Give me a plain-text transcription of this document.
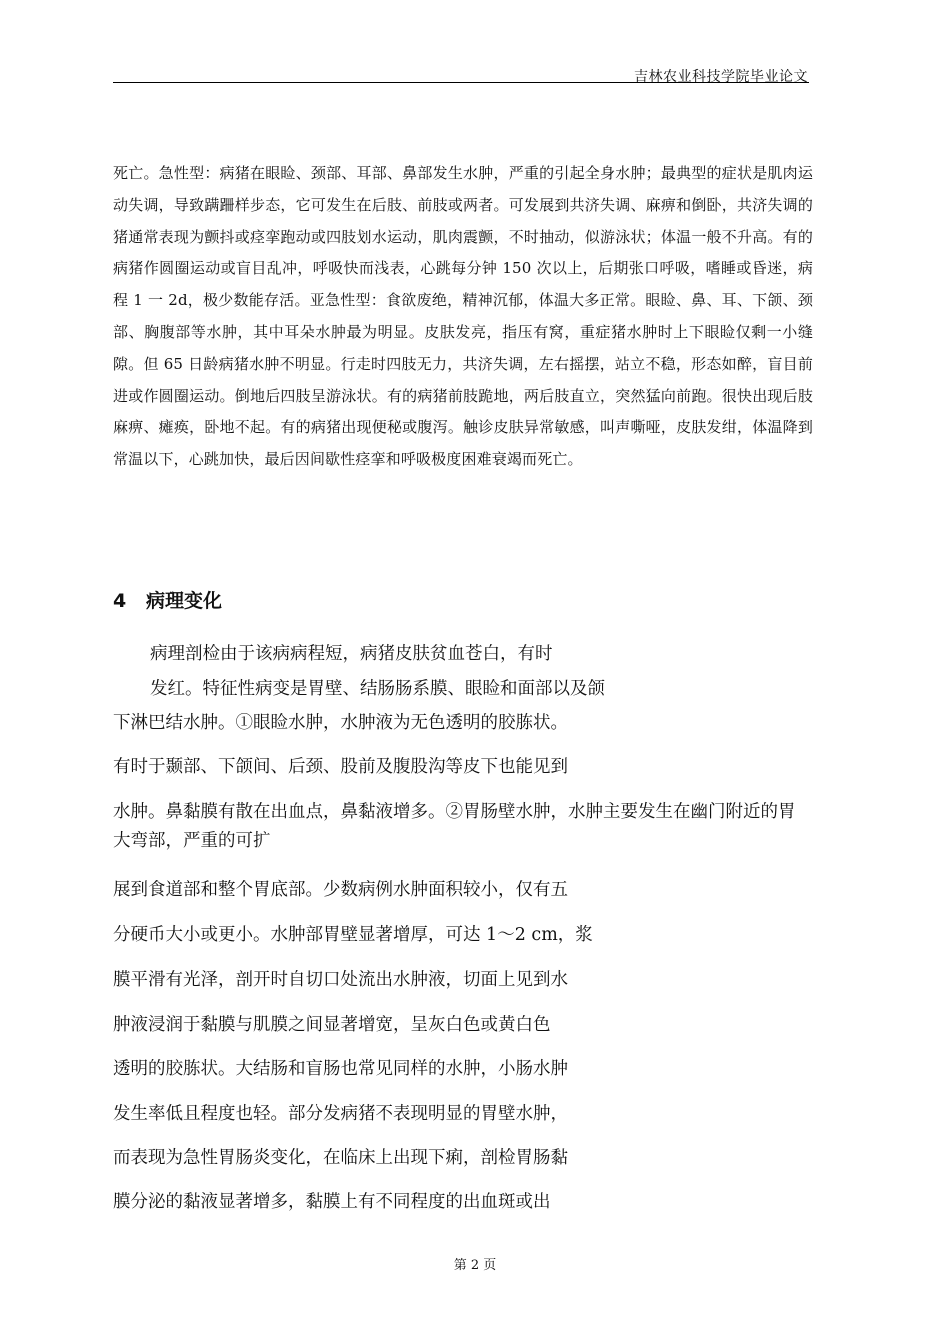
吉林农业科技学院毕业论文

死亡。急性型：病猪在眼睑、颈部、耳部、鼻部发生水肿，严重的引起全身水肿；最典型的症状是肌肉运动失调，导致蹒跚样步态，它可发生在后肢、前肢或两者。可发展到共济失调、麻痹和倒卧，共济失调的猪通常表现为颤抖或痉挛跑动或四肢划水运动，肌肉震颤，不时抽动，似游泳状；体温一般不升高。有的病猪作圆圈运动或盲目乱冲，呼吸快而浅表，心跳每分钟 150 次以上，后期张口呼吸，嗜睡或昏迷，病程 1 一 2d，极少数能存活。亚急性型：食欲废绝，精神沉郁，体温大多正常。眼睑、鼻、耳、下颌、颈部、胸腹部等水肿，其中耳朵水肿最为明显。皮肤发亮，指压有窝，重症猪水肿时上下眼睑仅剩一小缝隙。但 65 日龄病猪水肿不明显。行走时四肢无力，共济失调，左右摇摆，站立不稳，形态如醉，盲目前进或作圆圈运动。倒地后四肢呈游泳状。有的病猪前肢跪地，两后肢直立，突然猛向前跑。很快出现后肢麻痹、瘫痪，卧地不起。有的病猪出现便秘或腹泻。触诊皮肤异常敏感，叫声嘶哑，皮肤发绀，体温降到常温以下，心跳加快，最后因间歇性痉挛和呼吸极度困难衰竭而死亡。

4 病理变化

病理剖检由于该病病程短，病猪皮肤贫血苍白，有时

发红。特征性病变是胃壁、结肠肠系膜、眼睑和面部以及颌

下淋巴结水肿。①眼睑水肿，水肿液为无色透明的胶胨状。

有时于颞部、下颌间、后颈、股前及腹股沟等皮下也能见到

水肿。鼻黏膜有散在出血点，鼻黏液增多。②胃肠壁水肿，水肿主要发生在幽门附近的胃大弯部，严重的可扩

展到食道部和整个胃底部。少数病例水肿面积较小，仅有五

分硬币大小或更小。水肿部胃壁显著增厚，可达 1～2 cm，浆

膜平滑有光泽，剖开时自切口处流出水肿液，切面上见到水

肿液浸润于黏膜与肌膜之间显著增宽，呈灰白色或黄白色

透明的胶胨状。大结肠和盲肠也常见同样的水肿，小肠水肿

发生率低且程度也轻。部分发病猪不表现明显的胃壁水肿，

而表现为急性胃肠炎变化，在临床上出现下痢，剖检胃肠黏

膜分泌的黏液显著增多，黏膜上有不同程度的出血斑或出

第 2 页
